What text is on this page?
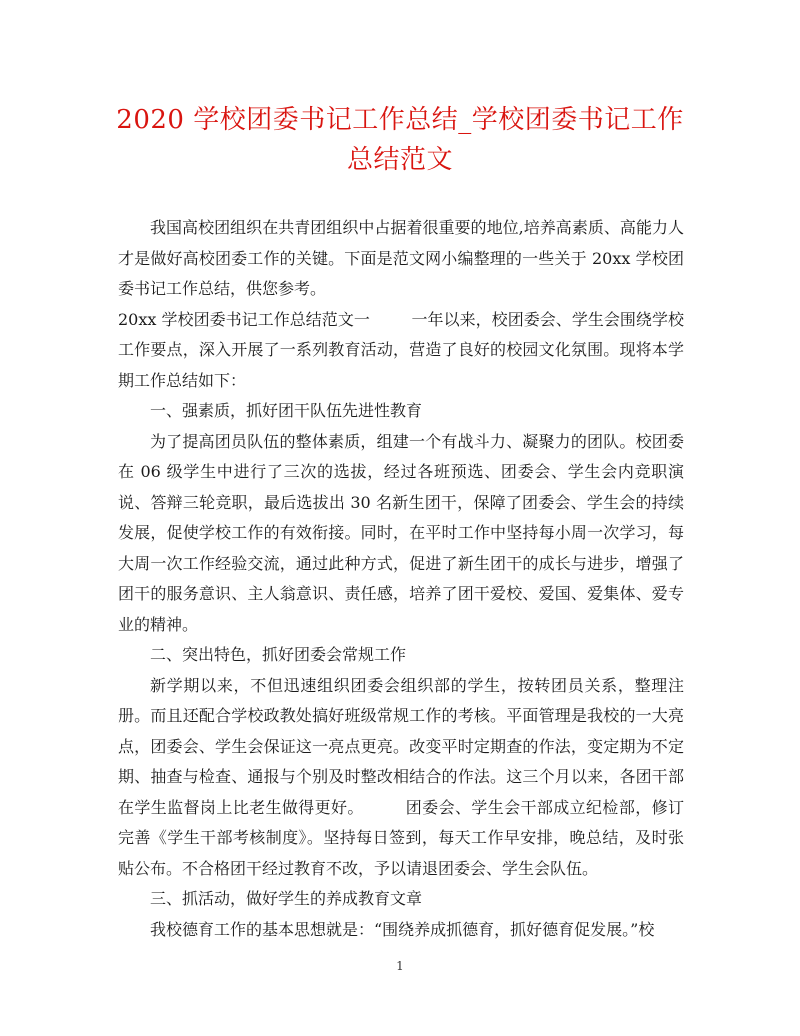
2020 学校团委书记工作总结_学校团委书记工作总结范文

我国高校团组织在共青团组织中占据着很重要的地位,培养高素质、高能力人才是做好高校团委工作的关键。下面是范文网小编整理的一些关于 20xx 学校团委书记工作总结，供您参考。

20xx 学校团委书记工作总结范文一	一年以来，校团委会、学生会围绕学校工作要点，深入开展了一系列教育活动，营造了良好的校园文化氛围。现将本学期工作总结如下：

一、强素质，抓好团干队伍先进性教育

为了提高团员队伍的整体素质，组建一个有战斗力、凝聚力的团队。校团委在 06 级学生中进行了三次的选拔，经过各班预选、团委会、学生会内竞职演说、答辩三轮竞职，最后选拔出 30 名新生团干，保障了团委会、学生会的持续发展，促使学校工作的有效衔接。同时，在平时工作中坚持每小周一次学习，每大周一次工作经验交流，通过此种方式，促进了新生团干的成长与进步，增强了团干的服务意识、主人翁意识、责任感，培养了团干爱校、爱国、爱集体、爱专业的精神。

二、突出特色，抓好团委会常规工作

新学期以来，不但迅速组织团委会组织部的学生，按转团员关系，整理注册。而且还配合学校政教处搞好班级常规工作的考核。平面管理是我校的一大亮点，团委会、学生会保证这一亮点更亮。改变平时定期查的作法，变定期为不定期、抽查与检查、通报与个别及时整改相结合的作法。这三个月以来，各团干部在学生监督岗上比老生做得更好。	团委会、学生会干部成立纪检部，修订完善《学生干部考核制度》。坚持每日签到，每天工作早安排，晚总结，及时张贴公布。不合格团干经过教育不改，予以请退团委会、学生会队伍。

三、抓活动，做好学生的养成教育文章

我校德育工作的基本思想就是：“围绕养成抓德育，抓好德育促发展。”校

1
